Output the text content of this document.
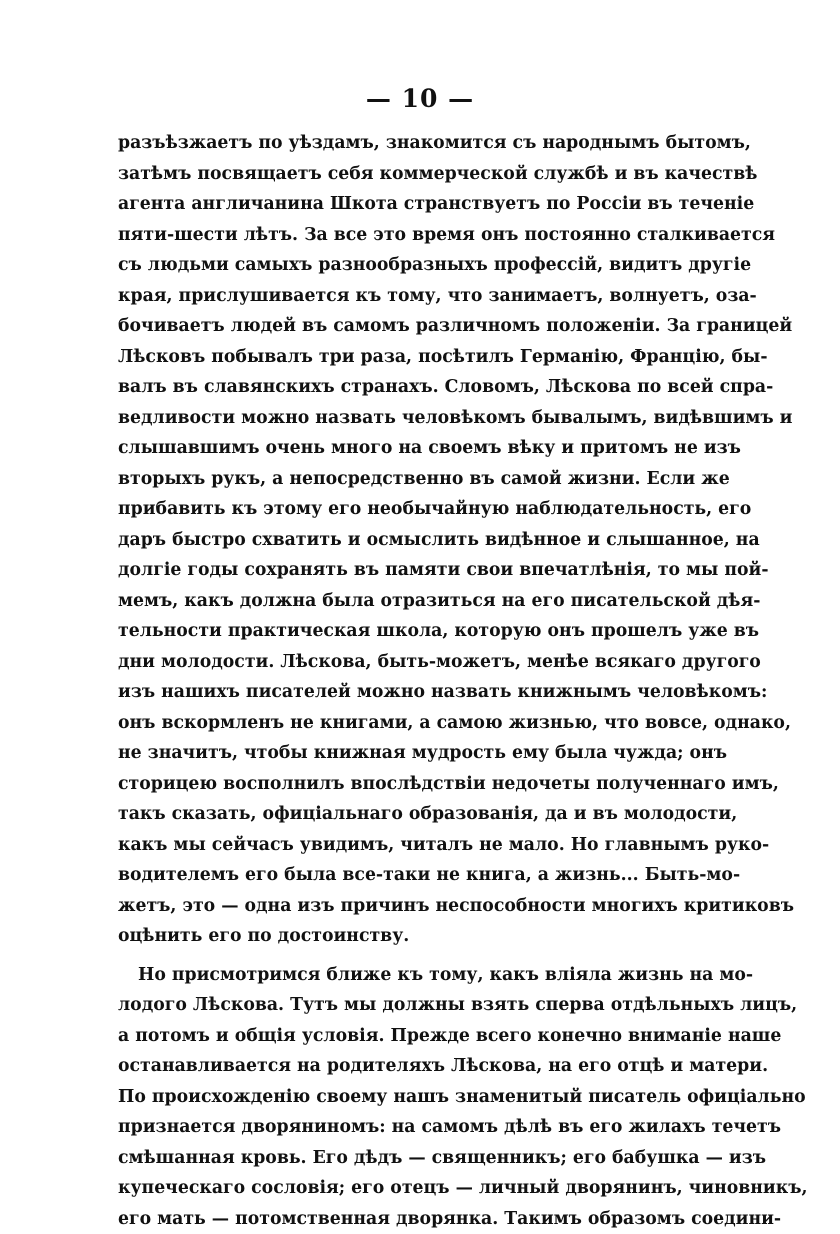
— 10 —
разъѣзжаетъ по уѣздамъ, знакомится съ народнымъ бытомъ,
затѣмъ посвящаетъ себя коммерческой службѣ и въ качествѣ
агента англичанина Шкота странствуетъ по Россіи въ теченіе
пяти-шести лѣтъ. За все это время онъ постоянно сталкивается
съ людьми самыхъ разнообразныхъ профессій, видитъ другіе
края, прислушивается къ тому, что занимаетъ, волнуетъ, оза-
бочиваетъ людей въ самомъ различномъ положеніи. За границей
Лѣсковъ побывалъ три раза, посѣтилъ Германію, Францію, бы-
валъ въ славянскихъ странахъ. Словомъ, Лѣскова по всей спра-
ведливости можно назвать человѣкомъ бывалымъ, видѣвшимъ и
слышавшимъ очень много на своемъ вѣку и притомъ не изъ
вторыхъ рукъ, а непосредственно въ самой жизни. Если же
прибавить къ этому его необычайную наблюдательность, его
даръ быстро схватить и осмыслить видѣнное и слышанное, на
долгіе годы сохранять въ памяти свои впечатлѣнія, то мы пой-
мемъ, какъ должна была отразиться на его писательской дѣя-
тельности практическая школа, которую онъ прошелъ уже въ
дни молодости. Лѣскова, быть-можетъ, менѣе всякаго другого
изъ нашихъ писателей можно назвать книжнымъ человѣкомъ:
онъ вскормленъ не книгами, а самою жизнью, что вовсе, однако,
не значитъ, чтобы книжная мудрость ему была чужда; онъ
сторицею восполнилъ впослѣдствіи недочеты полученнаго имъ,
такъ сказать, офиціальнаго образованія, да и въ молодости,
какъ мы сейчасъ увидимъ, читалъ не мало. Но главнымъ руко-
водителемъ его была все-таки не книга, а жизнь... Быть-мо-
жетъ, это — одна изъ причинъ неспособности многихъ критиковъ
оцѣнить его по достоинству.
Но присмотримся ближе къ тому, какъ вліяла жизнь на мо-
лодого Лѣскова. Тутъ мы должны взять сперва отдѣльныхъ лицъ,
а потомъ и общія условія. Прежде всего конечно вниманіе наше
останавливается на родителяхъ Лѣскова, на его отцѣ и матери.
По происхожденію своему нашъ знаменитый писатель офиціально
признается дворяниномъ: на самомъ дѣлѣ въ его жилахъ течетъ
смѣшанная кровь. Его дѣдъ — священникъ; его бабушка — изъ
купеческаго сословія; его отецъ — личный дворянинъ, чиновникъ,
его мать — потомственная дворянка. Такимъ образомъ соедини-
